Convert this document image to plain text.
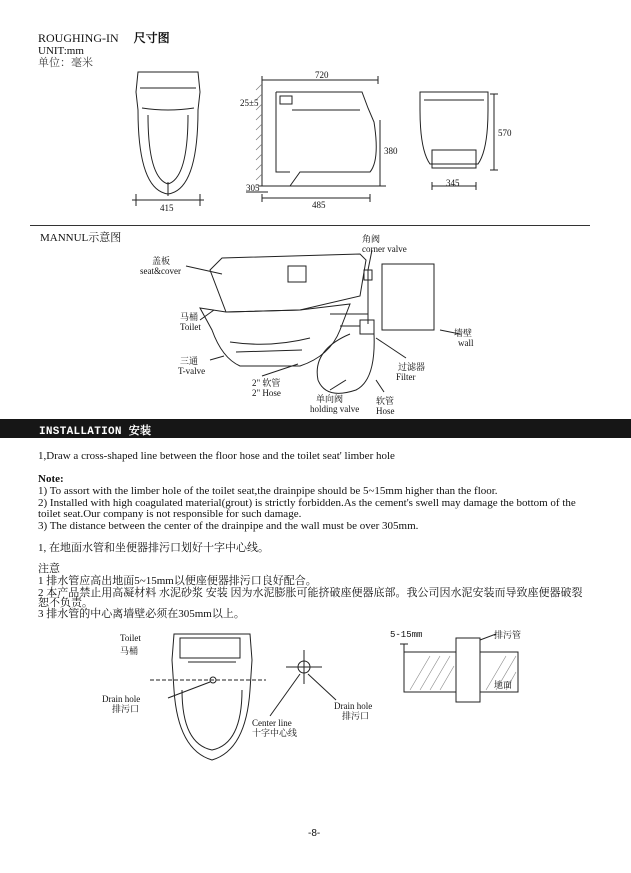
ROUGHING-IN 尺寸图
UNIT:mm
单位：毫米
415
720
25±5
380
305
485
570
345
MANNUL示意图
盖板
seat&cover
马桶
Toilet
三通
T-valve
2" 软管
2" Hose
单向阀
holding valve
软管
Hose
过滤器
Filter
墙壁
wall
角阀
corner valve
INSTALLATION 安装
1,Draw a cross-shaped line between the floor hose and the toilet seat' limber hole
Note:
1) To assort with the limber hole of the toilet seat,the drainpipe should be 5~15mm higher than the floor.
2) Installed with high coagulated material(grout) is strictly forbidden.As the cement's swell may damage the bottom of the
toilet seat.Our company is not responsible for such damage.
3) The distance between the center of the drainpipe and the wall must be over 305mm.
1, 在地面水管和坐便器排污口划好十字中心线。
注意
1 排水管应高出地面5~15mm以便座便器排污口良好配合。
2 本产品禁止用高凝材料 水泥砂浆 安装 因为水泥膨胀可能挤破座便器底部。我公司因水泥安装而导致座便器破裂
恕不负责。
3 排水管的中心离墙壁必须在305mm以上。
Toilet
马桶
Drain hole
排污口
Center line
十字中心线
Drain hole
排污口
5-15mm	排污管
地面
-8-
